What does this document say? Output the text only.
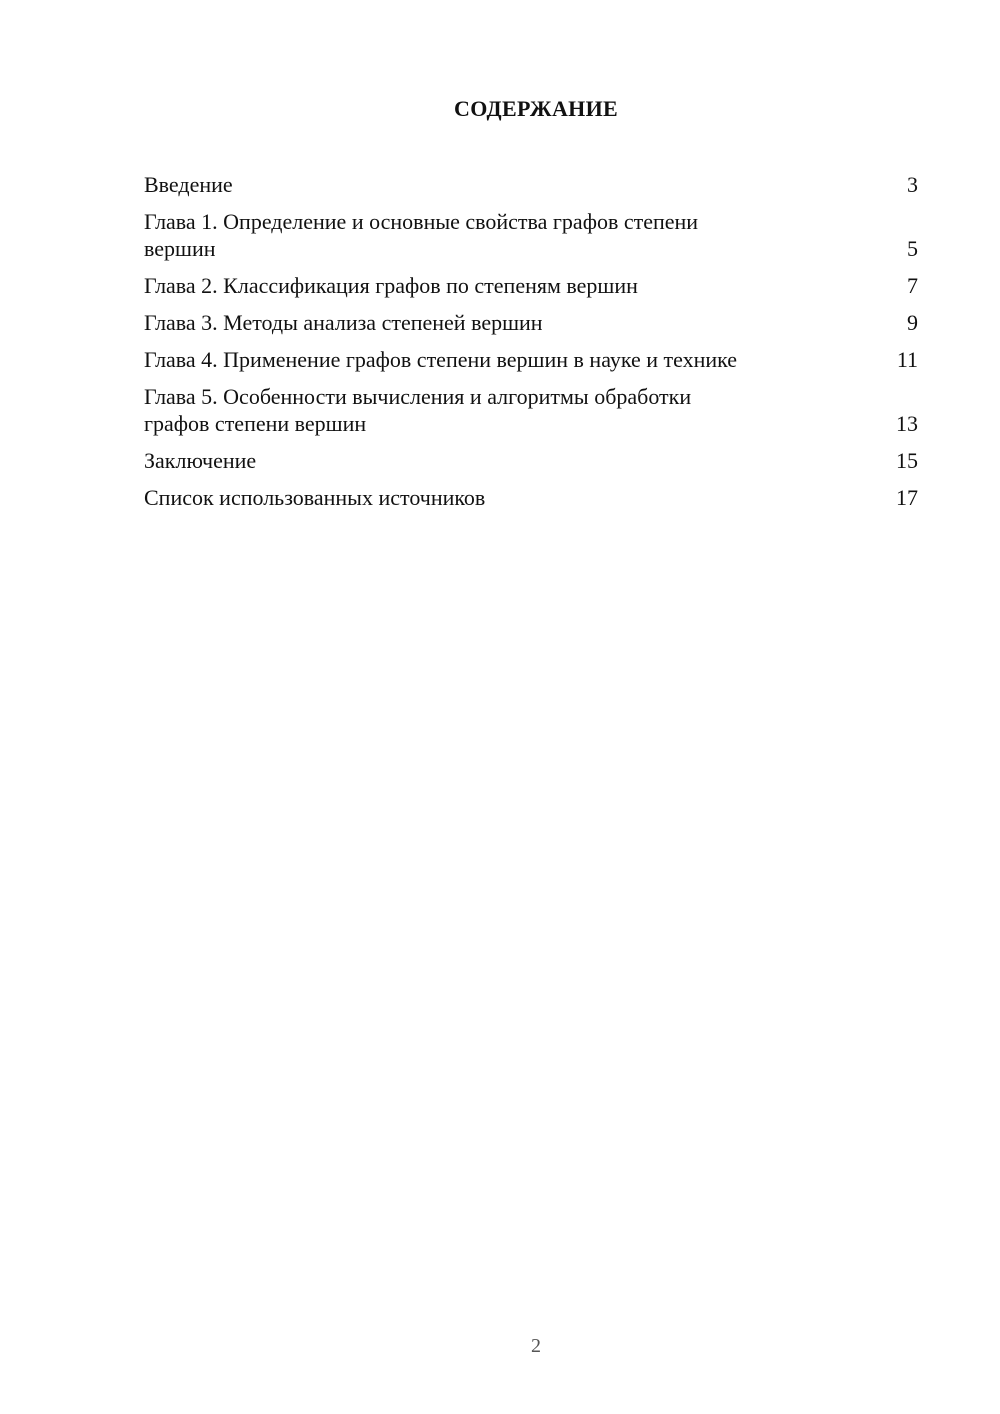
СОДЕРЖАНИЕ
Введение	3
Глава 1. Определение и основные свойства графов степени
вершин	5
Глава 2. Классификация графов по степеням вершин	7
Глава 3. Методы анализа степеней вершин	9
Глава 4. Применение графов степени вершин в науке и технике	11
Глава 5. Особенности вычисления и алгоритмы обработки
графов степени вершин	13
Заключение	15
Список использованных источников	17
2
